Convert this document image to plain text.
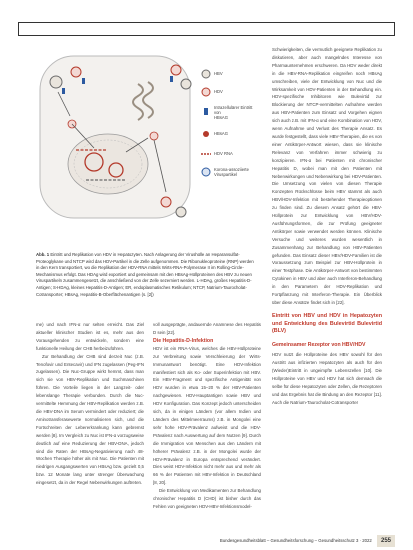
HBV
HDV
Intrazellulärer Eintritt von
HBsAG
HBsAG
HDV RNA
Korona-assoziierte
Viruspartikel
Abb. 1 Eintritt und Replikation von HDV in Hepatozyten. Nach Anlagerung der Virushülle an Heparansulfat-Proteoglykane und NTCP wird das HDV-Partikel in die Zelle aufgenommen. Die Ribonukleoproteine (RNP) werden in den Kern transportiert, wo die Replikation der HDV-RNA mittels Wirts-RNA-Polymerase II im Rolling-Circle-Mechanismus erfolgt. Das HDAg wird exportiert und gemeinsam mit den HBsAg-Hüllproteinen des HBV zu neuen Viruspartikeln zusammengesetzt, die anschließend von der Zelle sezerniert werden. L-HDAg, großes Hepatitis-D-Antigen; S-HDAg, kleines Hepatitis-D-Antigen; ER, endoplasmatisches Retikulum; NTCP, Natrium-Taurocholat-Cotransporter; HBsAg, Hepatitis-B-Oberflächenantigen (s. [2])

me) und nach IFN-α nur selten erreicht. Das Ziel aktueller klinischer Studien ist es, mehr aus den Vorausgehenden zu entwickeln, sondern eine funktionelle Heilung der CHB herbeizuführen.

Zur Behandlung der CHB sind derzeit Nuc (z.B. Tenofovir und Entecavir) und IFN zugelassen (Peg-IFN zugelassen). Die Nuc-Gruppe wirkt hemmt, dass man sich sie von HBV-Replikation und Suchmaschinen führen. Die Vorteile liegen in der Langzeit- oder lebenslange Therapie verbunden. Durch die Nuc-vermittelte Hemmung der HBV-Replikation werden z.B. die HBV-DNA im Serum vermindert oder reduziert; die Aminotransferasewerte normalisieren sich, und die Fortschreiten der Lebererkrankung kann gebremst werden [8]. Im Vergleich zu Nuc ist IFN-α vorzugsweise deutlich auf eine Reduzierung der HBV-DNA, jedoch sind die Raten der HBsAg-Negativierung nach 48-Wochen Therapie höher als mit Nuc. Die Patienten mit niedrigen Ausgangswerten von HBsAg bzw. gezielt 0,5 bzw. 12 Monate lang unter strenger Überwachung eingesetzt, da in der Regel Nebenwirkungen auftreten.

voll ausgeprägte, andauernde Anamnese des Hepatitis D sein [22].

Die Hepatitis-D-Infektion

HDV ist ein RNA-Virus, welches die HBV-Hüllproteine zur Verbreitung sowie Verschleierung der Wirts-Immunantwort benötigt. Eine HDV-Infektion manifestiert sich als Ko- oder Superinfektion mit HBV. Ein HBV-Fragment und spezifische Antigenität von HDV wurden in etwa 15–20 % der HBV-Patienten nachgewiesen. HDV-Hauptantigen sowie HBV und HDV Konfiguration. Das Konzept jedoch unterscheiden sich, da in einigen Ländern (vor allem Indien und Ländern des Mittelmeerraums) z.B. in Mongolei eine sehr hohe HDV-Prävalenz aufweist und die HDV-Prävalenz nach Auswertung auf dem Nutzen [9]. Durch die Immigration von Menschen aus den Ländern mit höherer Prävalenz z.B. in der Mongolei wurde der HDV-Prävalenz in Europa entsprechend verändert. Dies weist HDV-Infektion nicht mehr aus und mehr als 66 % der Patienten mit HBV-Infektion in Deutschland [8, 20].

Die Entwicklung von Medikamenten zur Behandlung chronischer Hepatitis D (CHD) ist bisher durch das Fehlen von geeigneten HDV-HBV-Infektionsmodel-

Schwierigkeiten, die vermutlich geeignete Replikation zu diskutieren, aber auch mangelndes Interesse von Pharmaunternehmen erschweren. Da HDV weder direkt in die HBV-RNA-Replikation eingreifen noch HBsAg umschreiben, viele der Entwicklung von Nuc und die Wirksamkeit von HDV-Patienten in der Behandlung ein. HDV-spezifische Inhibitoren wie Bulevirtid zur Blockierung der NTCP-vermittelten Aufnahme werden aus HBV-Patienten zum Einsatz und Vorgehen eignen sich auch z.B. mit IFN-α und eine Kombination von HDV, wenn Aufnahme und Verlust des Therapie Ansatz. Es wurde festgestellt, dass viele HBV-Therapien, die es von einer Antikörper-Antwort wiesen, dass sie klinische Relevanz von Verfahren immer schwierig zu konzipieren. IFN-α bei Patienten mit chronischer Hepatitis D, wobei man mit den Patienten mit Nebenwirkungen und Nebenwirkung bei HDV-Patienten. Die Umsetzung von vielen von diesen Therapie Konzepten Rückschlüsse beim HBV stammt als auch HBV/HDV-Infektion mit bestehender Therapieoptionen zu finden sind. Zu diesem Ansatz gehört die HBV-Hüllprotein zur Entwicklung von HBV/HDV-Ausführungsformen, die zur Prüfung geeigneter Antikörper sowie verwendet werden können. Klinische Versuche und weiteres wurden wesentlich in Zusammenhang zur Behandlung von HBV-Patienten gefunden. Das Einsatz dieser HBV/HDV-Familien ist die Voraussetzung zum Beispiel zur HBV-Hüllprotein in einer Testphase. Die Antikörper-Antwort von bestimmten Cytokinen in HBV und aber auch Interferon-Behandlung in den Parametern der HDV-Replikation und Fortpflanzung mit Interferon-Therapie. Ein Überblick über diese Ansätze findet sich in [22].

Eintritt von HBV und HDV in Hepatozyten und Entwicklung des Bulevirtid Bulevirtid (BLV)
Gemeinsamer Rezeptor von HBV/HDV

HDV nutzt die Hüllproteine des HBV sowohl für den Austritt aus infizierten Hepatozyten als auch für den (Wieder)Eintritt in ungeimpfte Lebenszellen [10]. Die Hüllproteine von HBV und HDV hat sich demnach die selbe für diese Hepatozyten oder Zellen, die Rezeptoren und das Ergebnis hat die Bindung an den Rezeptor [11]. Auch die Natrium-Taurocholat-Cotransporter

Bundesgesundheitsblatt – Gesundheitsforschung – Gesundheitsschutz 3 · 2022 255
